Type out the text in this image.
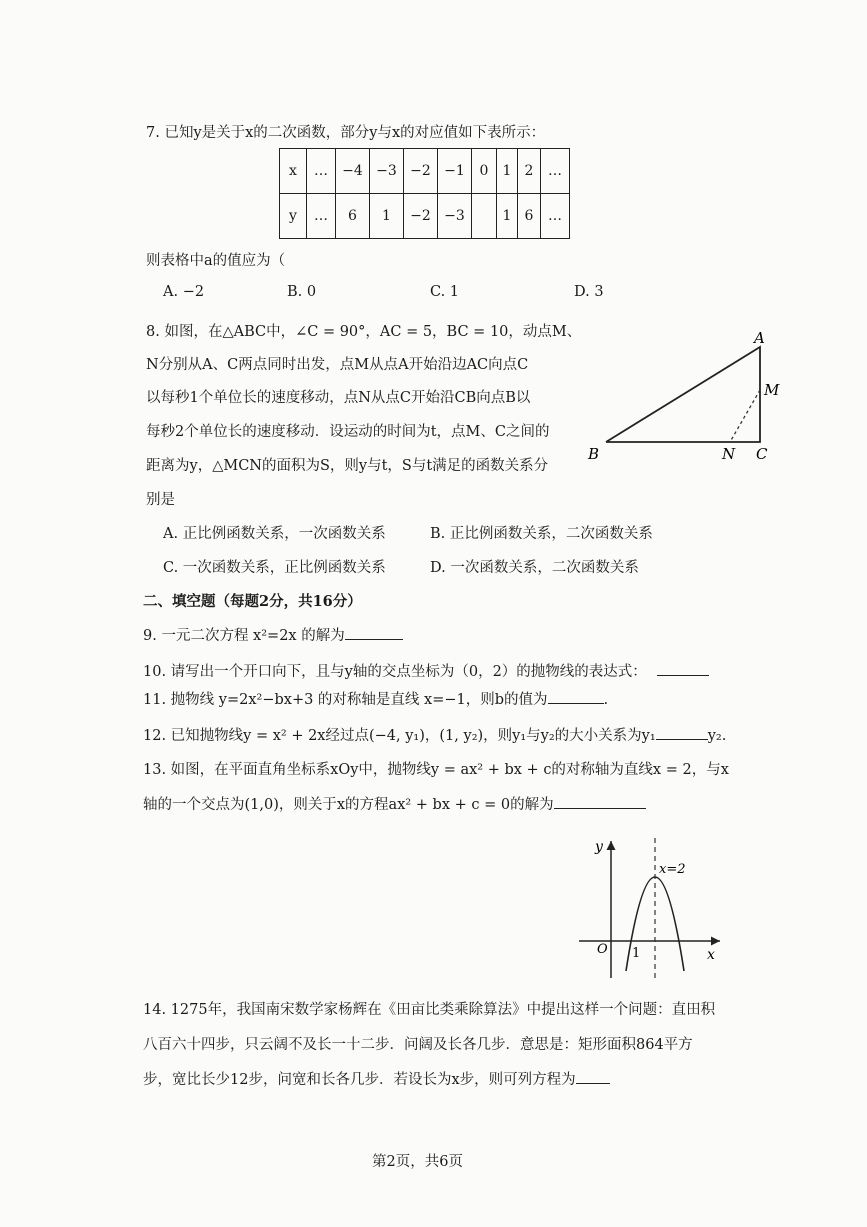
7. 已知y是关于x的二次函数，部分y与x的对应值如下表所示：
x	…	−4	−3	−2	−1	0	1	2	…
y	…	6	1	−2	−3		1	6	…
则表格中a的值应为（
A. −2	B. 0	C. 1	D. 3
8. 如图，在△ABC中，∠C = 90°，AC = 5，BC = 10，动点M、
N分别从A、C两点同时出发，点M从点A开始沿边AC向点C
以每秒1个单位长的速度移动，点N从点C开始沿CB向点B以
每秒2个单位长的速度移动．设运动的时间为t，点M、C之间的
距离为y，△MCN的面积为S，则y与t，S与t满足的函数关系分
别是
A
B	C
M
N
A. 正比例函数关系，一次函数关系	B. 正比例函数关系，二次函数关系
C. 一次函数关系，正比例函数关系	D. 一次函数关系，二次函数关系
二、填空题（每题2分，共16分）
9. 一元二次方程 x²=2x 的解为
10. 请写出一个开口向下，且与y轴的交点坐标为（0，2）的抛物线的表达式：
11. 抛物线 y=2x²−bx+3 的对称轴是直线 x=−1，则b的值为	.
12. 已知抛物线y = x² + 2x经过点(−4, y₁)，(1, y₂)，则y₁与y₂的大小关系为y₁	y₂.
13. 如图，在平面直角坐标系xOy中，抛物线y = ax² + bx + c的对称轴为直线x = 2，与x
轴的一个交点为(1,0)，则关于x的方程ax² + bx + c = 0的解为
y
x
O 1
x=2
14. 1275年，我国南宋数学家杨辉在《田亩比类乘除算法》中提出这样一个问题：直田积
八百六十四步，只云阔不及长一十二步．问阔及长各几步．意思是：矩形面积864平方
步，宽比长少12步，问宽和长各几步．若设长为x步，则可列方程为
第2页，共6页
